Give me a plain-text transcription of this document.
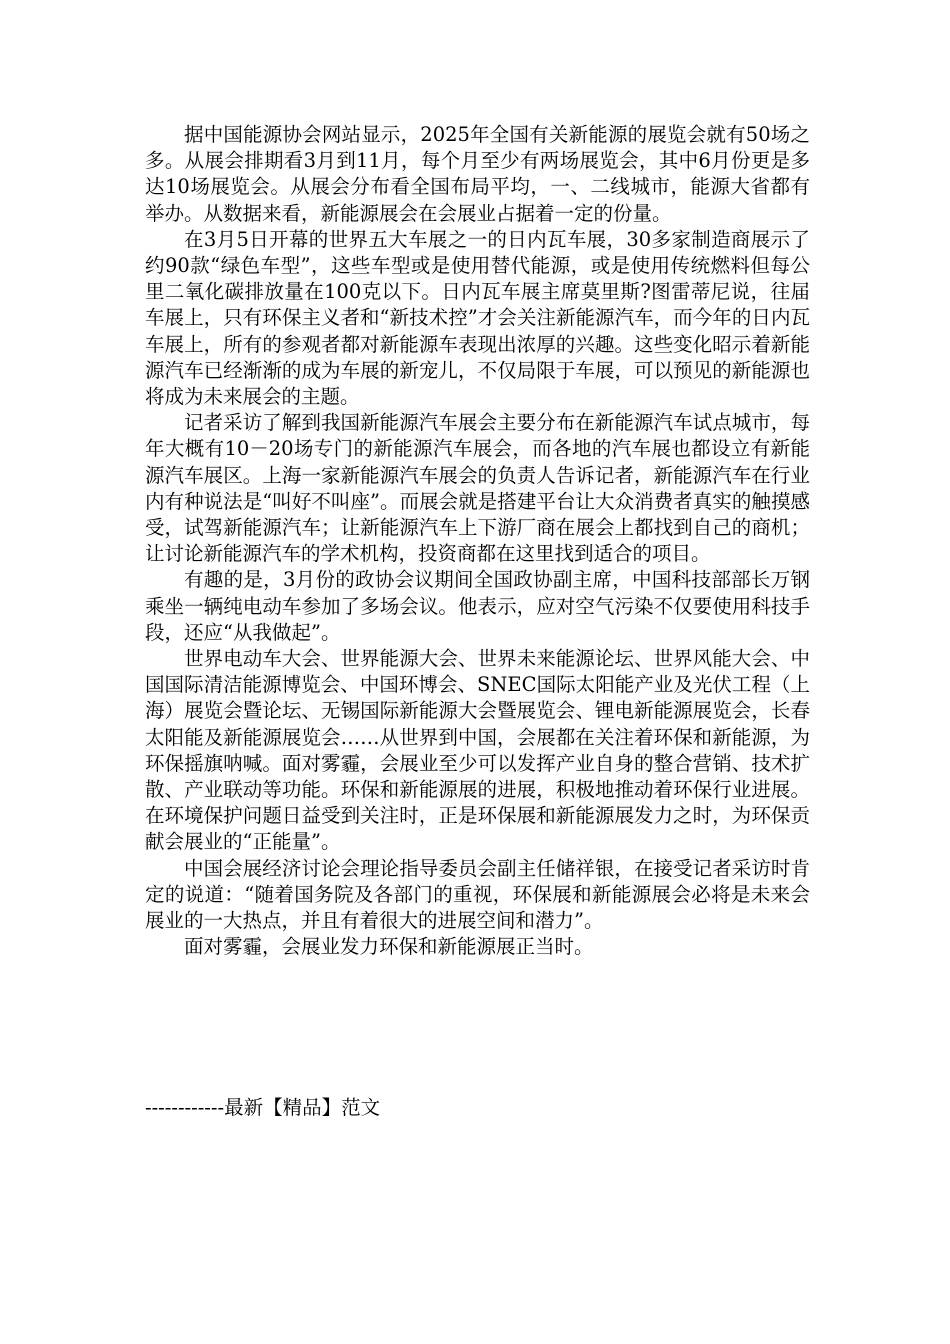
据中国能源协会网站显示，2025年全国有关新能源的展览会就有50场之多。从展会排期看3月到11月，每个月至少有两场展览会，其中6月份更是多达10场展览会。从展会分布看全国布局平均，一、二线城市，能源大省都有举办。从数据来看，新能源展会在会展业占据着一定的份量。

在3月5日开幕的世界五大车展之一的日内瓦车展，30多家制造商展示了约90款“绿色车型”，这些车型或是使用替代能源，或是使用传统燃料但每公里二氧化碳排放量在100克以下。日内瓦车展主席莫里斯?图雷蒂尼说，往届车展上，只有环保主义者和“新技术控”才会关注新能源汽车，而今年的日内瓦车展上，所有的参观者都对新能源车表现出浓厚的兴趣。这些变化昭示着新能源汽车已经渐渐的成为车展的新宠儿，不仅局限于车展，可以预见的新能源也将成为未来展会的主题。

记者采访了解到我国新能源汽车展会主要分布在新能源汽车试点城市，每年大概有10－20场专门的新能源汽车展会，而各地的汽车展也都设立有新能源汽车展区。上海一家新能源汽车展会的负责人告诉记者，新能源汽车在行业内有种说法是“叫好不叫座”。而展会就是搭建平台让大众消费者真实的触摸感受，试驾新能源汽车；让新能源汽车上下游厂商在展会上都找到自己的商机；让讨论新能源汽车的学术机构，投资商都在这里找到适合的项目。

有趣的是，3月份的政协会议期间全国政协副主席，中国科技部部长万钢乘坐一辆纯电动车参加了多场会议。他表示，应对空气污染不仅要使用科技手段，还应“从我做起”。

世界电动车大会、世界能源大会、世界未来能源论坛、世界风能大会、中国国际清洁能源博览会、中国环博会、SNEC国际太阳能产业及光伏工程（上海）展览会暨论坛、无锡国际新能源大会暨展览会、锂电新能源展览会，长春太阳能及新能源展览会……从世界到中国，会展都在关注着环保和新能源，为环保摇旗呐喊。面对雾霾，会展业至少可以发挥产业自身的整合营销、技术扩散、产业联动等功能。环保和新能源展的进展，积极地推动着环保行业进展。在环境保护问题日益受到关注时，正是环保展和新能源展发力之时，为环保贡献会展业的“正能量”。

中国会展经济讨论会理论指导委员会副主任储祥银，在接受记者采访时肯定的说道：“随着国务院及各部门的重视，环保展和新能源展会必将是未来会展业的一大热点，并且有着很大的进展空间和潜力”。

面对雾霾，会展业发力环保和新能源展正当时。

------------最新【精品】范文
